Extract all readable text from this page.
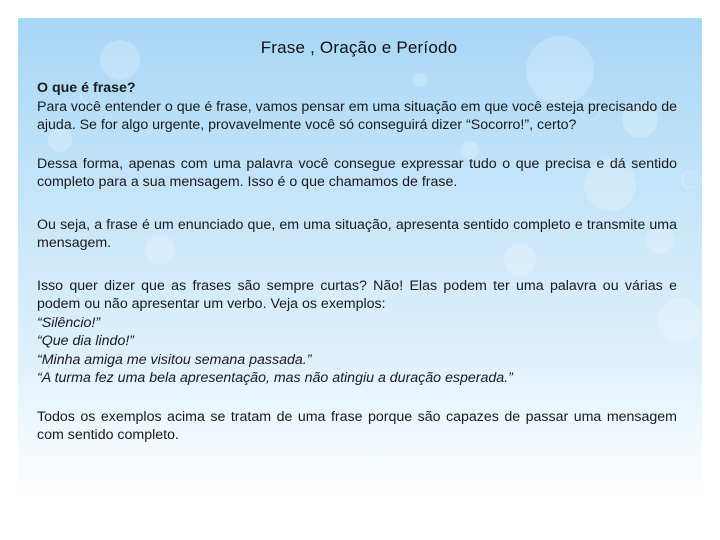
Frase , Oração e Período

O que é frase?
Para você entender o que é frase, vamos pensar em uma situação em que você esteja precisando de ajuda. Se for algo urgente, provavelmente você só conseguirá dizer “Socorro!”, certo?

Dessa forma, apenas com uma palavra você consegue expressar tudo o que precisa e dá sentido completo para a sua mensagem. Isso é o que chamamos de frase.

Ou seja, a frase é um enunciado que, em uma situação, apresenta sentido completo e transmite uma mensagem.

Isso quer dizer que as frases são sempre curtas? Não! Elas podem ter uma palavra ou várias e podem ou não apresentar um verbo. Veja os exemplos:

“Silêncio!”
“Que dia lindo!”
“Minha amiga me visitou semana passada.”
“A turma fez uma bela apresentação, mas não atingiu a duração esperada.”

Todos os exemplos acima se tratam de uma frase porque são capazes de passar uma mensagem com sentido completo.
